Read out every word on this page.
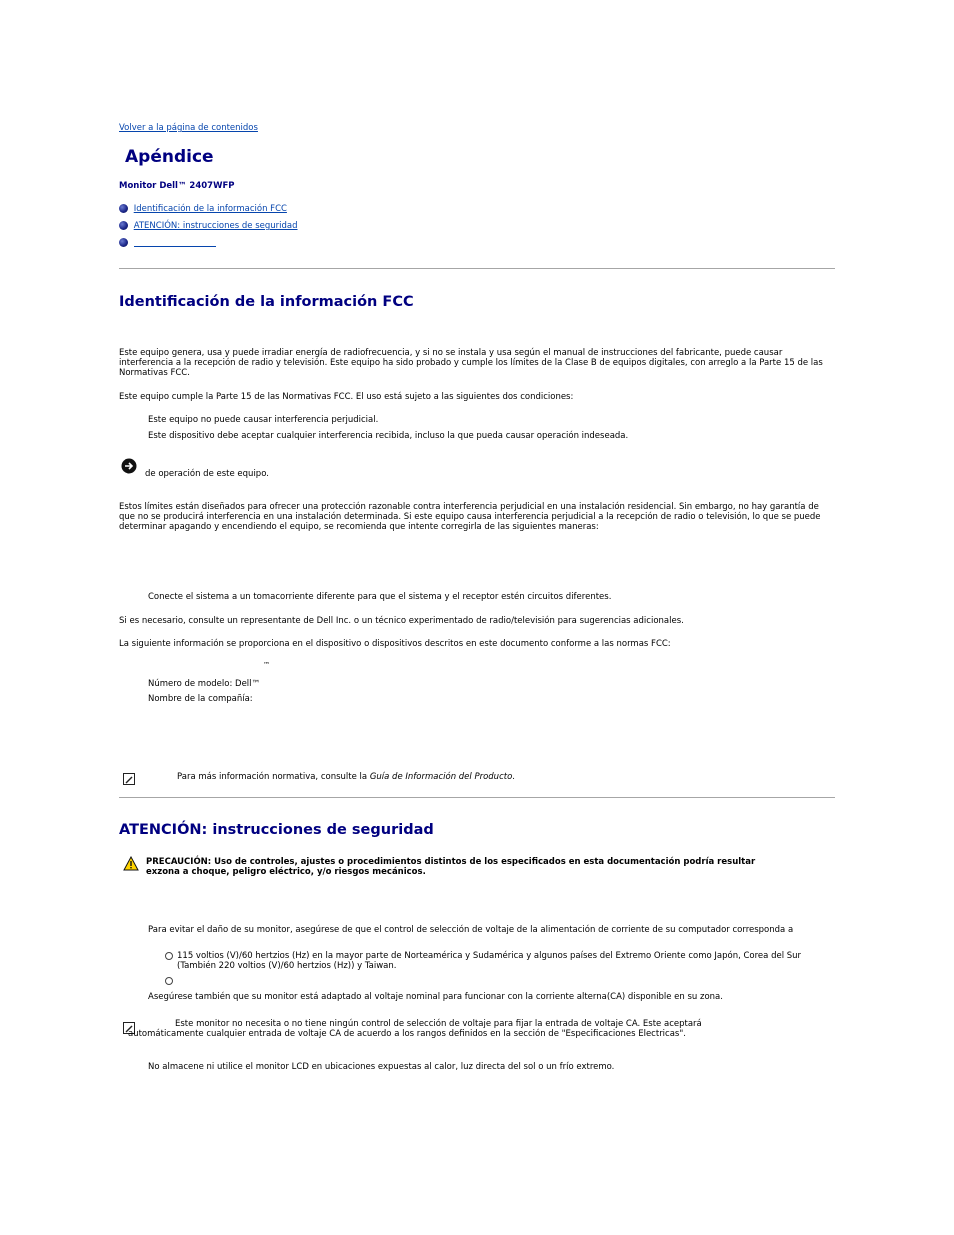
Volver a la página de contenidos
Apéndice
Monitor Dell™ 2407WFP
Identificación de la información FCC
ATENCIÓN: instrucciones de seguridad

Identificación de la información FCC
Este equipo genera, usa y puede irradiar energía de radiofrecuencia, y si no se instala y usa según el manual de instrucciones del fabricante, puede causar interferencia a la recepción de radio y televisión. Este equipo ha sido probado y cumple los límites de la Clase B de equipos digitales, con arreglo a la Parte 15 de las Normativas FCC.
Este equipo cumple la Parte 15 de las Normativas FCC. El uso está sujeto a las siguientes dos condiciones:
Este equipo no puede causar interferencia perjudicial.
Este dispositivo debe aceptar cualquier interferencia recibida, incluso la que pueda causar operación indeseada.
de operación de este equipo.
Estos límites están diseñados para ofrecer una protección razonable contra interferencia perjudicial en una instalación residencial. Sin embargo, no hay garantía de que no se producirá interferencia en una instalación determinada. Si este equipo causa interferencia perjudicial a la recepción de radio o televisión, lo que se puede determinar apagando y encendiendo el equipo, se recomienda que intente corregirla de las siguientes maneras:
Conecte el sistema a un tomacorriente diferente para que el sistema y el receptor estén circuitos diferentes.
Si es necesario, consulte un representante de Dell Inc. o un técnico experimentado de radio/televisión para sugerencias adicionales.
La siguiente información se proporciona en el dispositivo o dispositivos descritos en este documento conforme a las normas FCC:
™
Número de modelo: Dell™
Nombre de la compañía:
Para más información normativa, consulte la Guía de Información del Producto.
ATENCIÓN: instrucciones de seguridad
PRECAUCIÓN: Uso de controles, ajustes o procedimientos distintos de los especificados en esta documentación podría resultar
exzona a choque, peligro eléctrico, y/o riesgos mecánicos.
Para evitar el daño de su monitor, asegúrese de que el control de selección de voltaje de la alimentación de corriente de su computador corresponda a
115 voltios (V)/60 hertzios (Hz) en la mayor parte de Norteamérica y Sudamérica y algunos países del Extremo Oriente como Japón, Corea del Sur
(También 220 voltios (V)/60 hertzios (Hz)) y Taiwan.
Asegúrese también que su monitor está adaptado al voltaje nominal para funcionar con la corriente alterna(CA) disponible en su zona.
Este monitor no necesita o no tiene ningún control de selección de voltaje para fijar la entrada de voltaje CA. Este aceptará
automáticamente cualquier entrada de voltaje CA de acuerdo a los rangos definidos en la sección de "Especificaciones Electricas".
No almacene ni utilice el monitor LCD en ubicaciones expuestas al calor, luz directa del sol o un frío extremo.
